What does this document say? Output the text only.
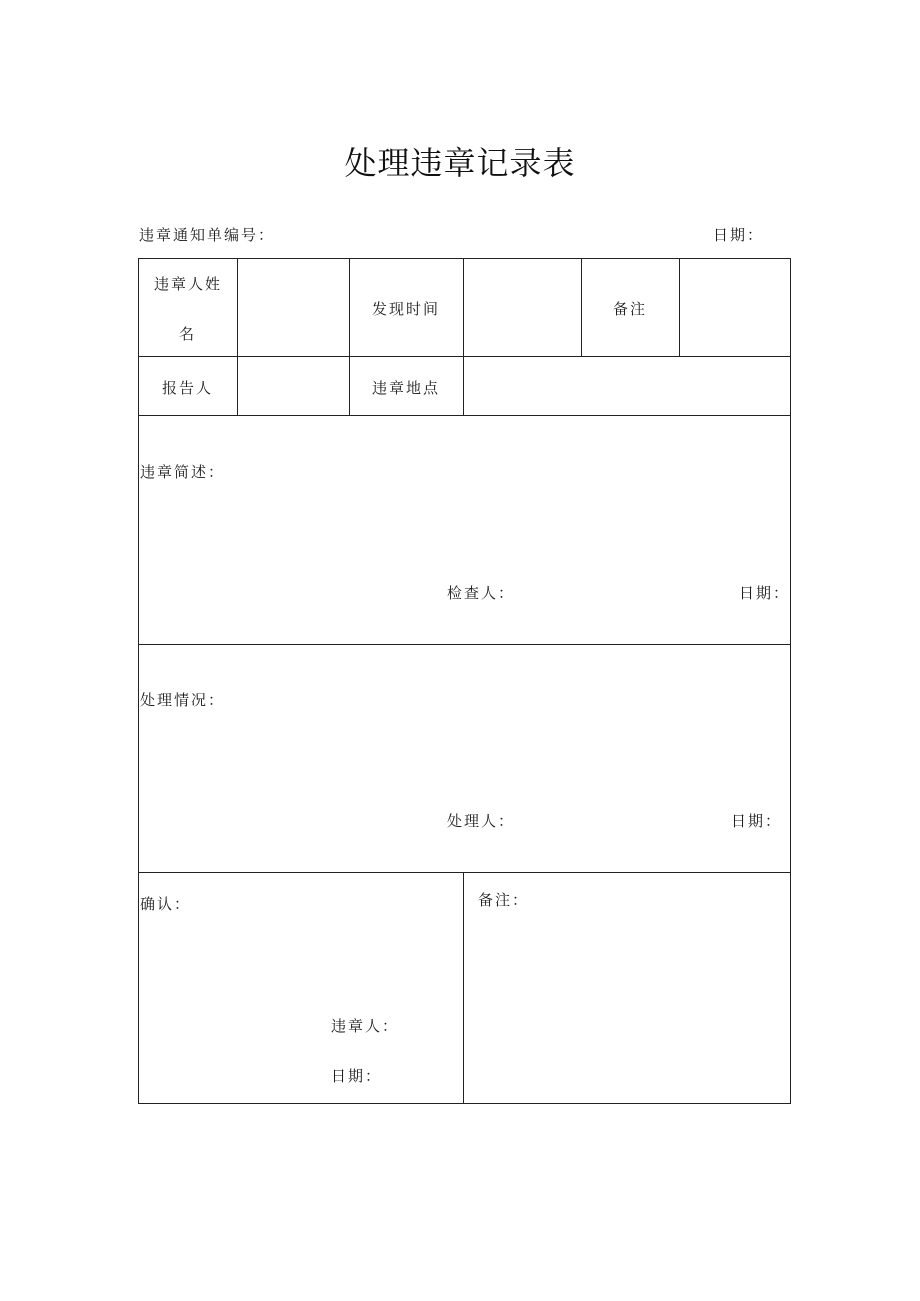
处理违章记录表
违章通知单编号：	日期：
违章人姓
名
发现时间	备注
报告人	违章地点
违章简述：
检查人：	日期：
处理情况：
处理人：	日期：
确认：
违章人：
日期：
备注：
